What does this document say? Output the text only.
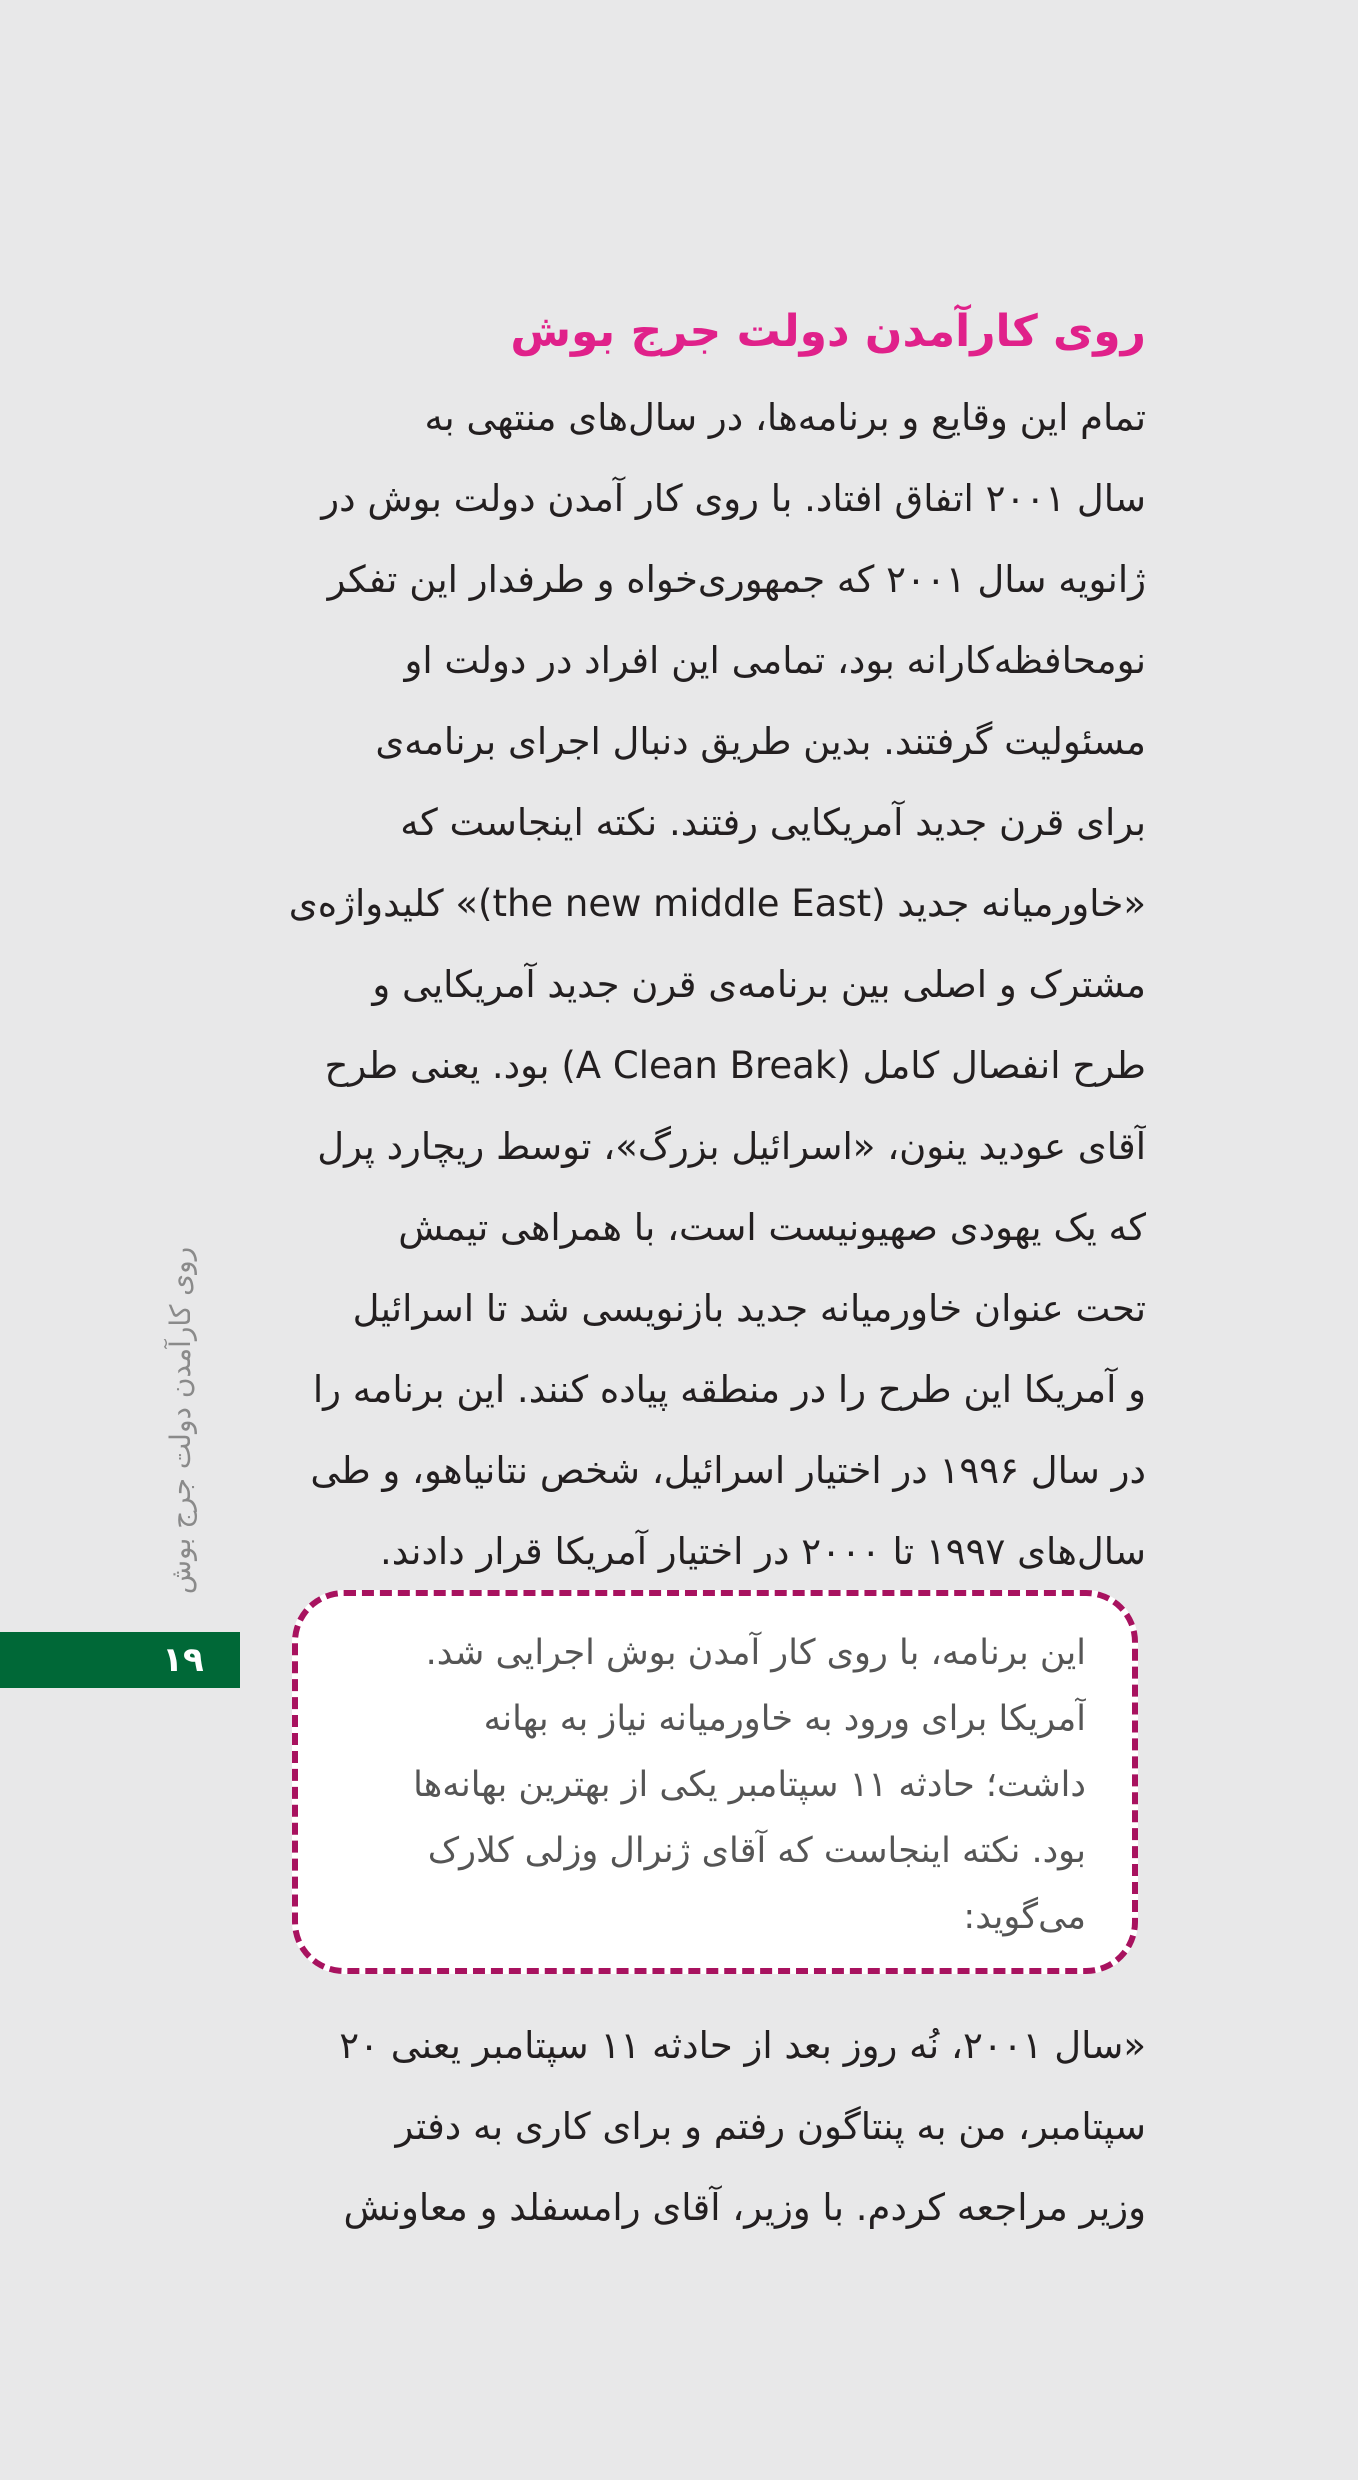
روی کارآمدن دولت جرج بوش

تمام این وقایع و برنامه‌ها، در سال‌های منتهی به
سال ۲۰۰۱ اتفاق افتاد. با روی کار آمدن دولت بوش در
ژانویه سال ۲۰۰۱ که جمهوری‌خواه و طرفدار این تفکر
نومحافظه‌کارانه بود، تمامی این افراد در دولت او
مسئولیت گرفتند. بدین طریق دنبال اجرای برنامه‌ی
برای قرن جدید آمریکایی رفتند. نکته اینجاست که
«خاورمیانه جدید (the new middle East)» کلیدواژه‌ی
مشترک و اصلی بین برنامه‌ی قرن جدید آمریکایی و
طرح انفصال کامل (A Clean Break) بود. یعنی طرح
آقای عودید ینون، «اسرائیل بزرگ»، توسط ریچارد پرل
که یک یهودی صهیونیست است، با همراهی تیمش
تحت عنوان خاورمیانه جدید بازنویسی شد تا اسرائیل
و آمریکا این طرح را در منطقه پیاده کنند. این برنامه را
در سال ۱۹۹۶ در اختیار اسرائیل، شخص نتانیاهو، و طی
سال‌های ۱۹۹۷ تا ۲۰۰۰ در اختیار آمریکا قرار دادند.

این برنامه، با روی کار آمدن بوش اجرایی شد.
آمریکا برای ورود به خاورمیانه نیاز به بهانه
داشت؛ حادثه ۱۱ سپتامبر یکی از بهترین بهانه‌ها
بود. نکته اینجاست که آقای ژنرال وزلی کلارک
می‌گوید:

«سال ۲۰۰۱، نُه روز بعد از حادثه ۱۱ سپتامبر یعنی ۲۰
سپتامبر، من به پنتاگون رفتم و برای کاری به دفتر
وزیر مراجعه کردم. با وزیر، آقای رامسفلد و معاونش

روی کارآمدن دولت جرج بوش
۱۹
